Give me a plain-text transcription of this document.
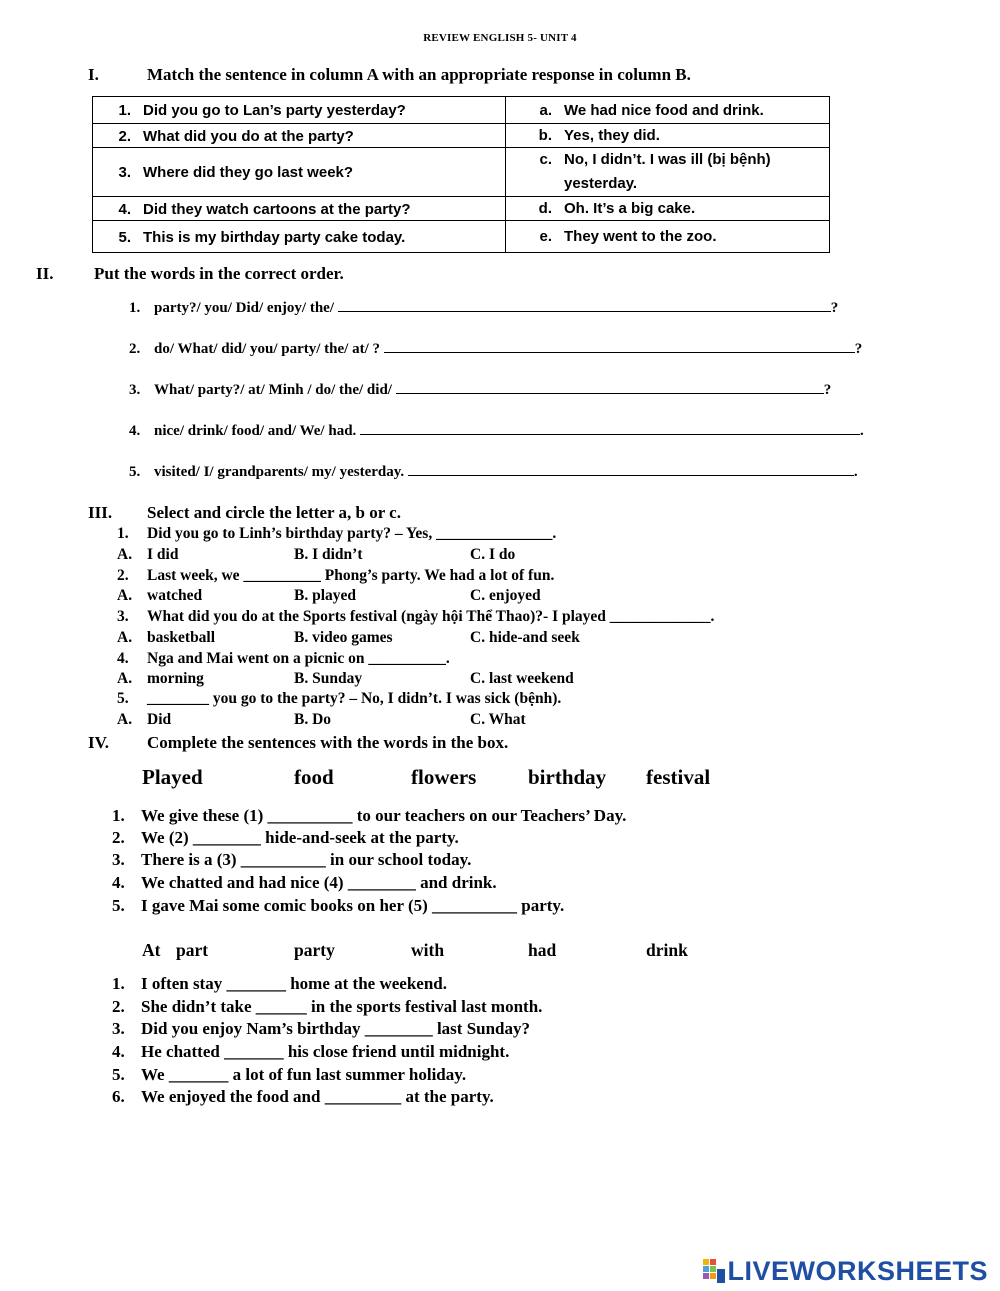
REVIEW ENGLISH 5- UNIT 4
I.	Match the sentence in column A with an appropriate response in column B.
1. Did you go to Lan’s party yesterday?	a. We had nice food and drink.

2. What did you do at the party?	b. Yes, they did.

3. Where did they go last week?	c. No, I didn’t. I was ill (bị bệnh) yesterday.

4. Did they watch cartoons at the party?	d. Oh. It’s a big cake.

5. This is my birthday party cake today.	e. They went to the zoo.
II. Put the words in the correct order.
1. party?/ you/ Did/ enjoy/ the/	?
2. do/ What/ did/ you/ party/ the/ at/ ?	?
3. What/ party?/ at/ Minh / do/ the/ did/	?
4. nice/ drink/ food/ and/ We/ had.	.
5. visited/ I/ grandparents/ my/ yesterday.	.
III. Select and circle the letter a, b or c.
1. Did you go to Linh’s birthday party? – Yes, _______________.
A. I did	B. I didn’t	C. I do
2. Last week, we __________ Phong’s party. We had a lot of fun.
A. watched	B. played	C. enjoyed
3. What did you do at the Sports festival (ngày hội Thể Thao)?- I played _____________.
A. basketball	B. video games	C. hide-and seek
4. Nga and Mai went on a picnic on __________.
A. morning	B. Sunday	C. last weekend
5. ________ you go to the party? – No, I didn’t. I was sick (bệnh).
A. Did	B. Do	C. What
IV. Complete the sentences with the words in the box.
Played	food	flowers birthday festival
1. We give these (1) __________ to our teachers on our Teachers’ Day.
2. We (2) ________ hide-and-seek at the party.
3. There is a (3) __________ in our school today.
4. We chatted and had nice (4) ________ and drink.
5. I gave Mai some comic books on her (5) __________ party.
At part	party	with	had	drink
1. I often stay _______ home at the weekend.
2. She didn’t take ______ in the sports festival last month.
3. Did you enjoy Nam’s birthday ________ last Sunday?
4. He chatted _______ his close friend until midnight.
5. We _______ a lot of fun last summer holiday.
6. We enjoyed the food and _________ at the party.
LIVEWORKSHEETS
